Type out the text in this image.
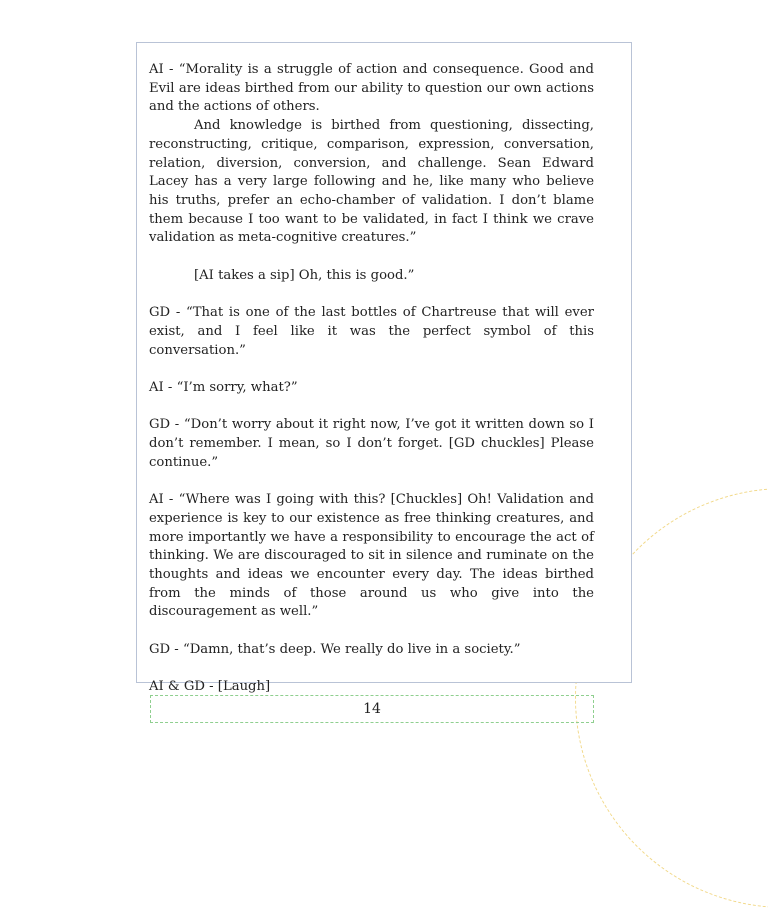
AI - “Morality is a struggle of action and consequence. Good and Evil are ideas birthed from our ability to question our own actions and the actions of others.

And knowledge is birthed from questioning, dissecting, reconstructing, critique, comparison, expression, conversation, relation, diversion, conversion, and challenge. Sean Edward Lacey has a very large following and he, like many who believe his truths, prefer an echo-chamber of validation. I don’t blame them because I too want to be validated, in fact I think we crave validation as meta-cognitive creatures.”

[AI takes a sip] Oh, this is good.”

GD - “That is one of the last bottles of Chartreuse that will ever exist, and I feel like it was the perfect symbol of this conversation.”

AI - “I’m sorry, what?”

GD - “Don’t worry about it right now, I’ve got it written down so I don’t remember. I mean, so I don’t forget. [GD chuckles] Please continue.”

AI - “Where was I going with this? [Chuckles] Oh! Validation and experience is key to our existence as free thinking creatures, and more importantly we have a responsibility to encourage the act of thinking. We are discouraged to sit in silence and ruminate on the thoughts and ideas we encounter every day. The ideas birthed from the minds of those around us who give into the discouragement as well.”

GD - “Damn, that’s deep. We really do live in a society.”

AI & GD - [Laugh]

14
